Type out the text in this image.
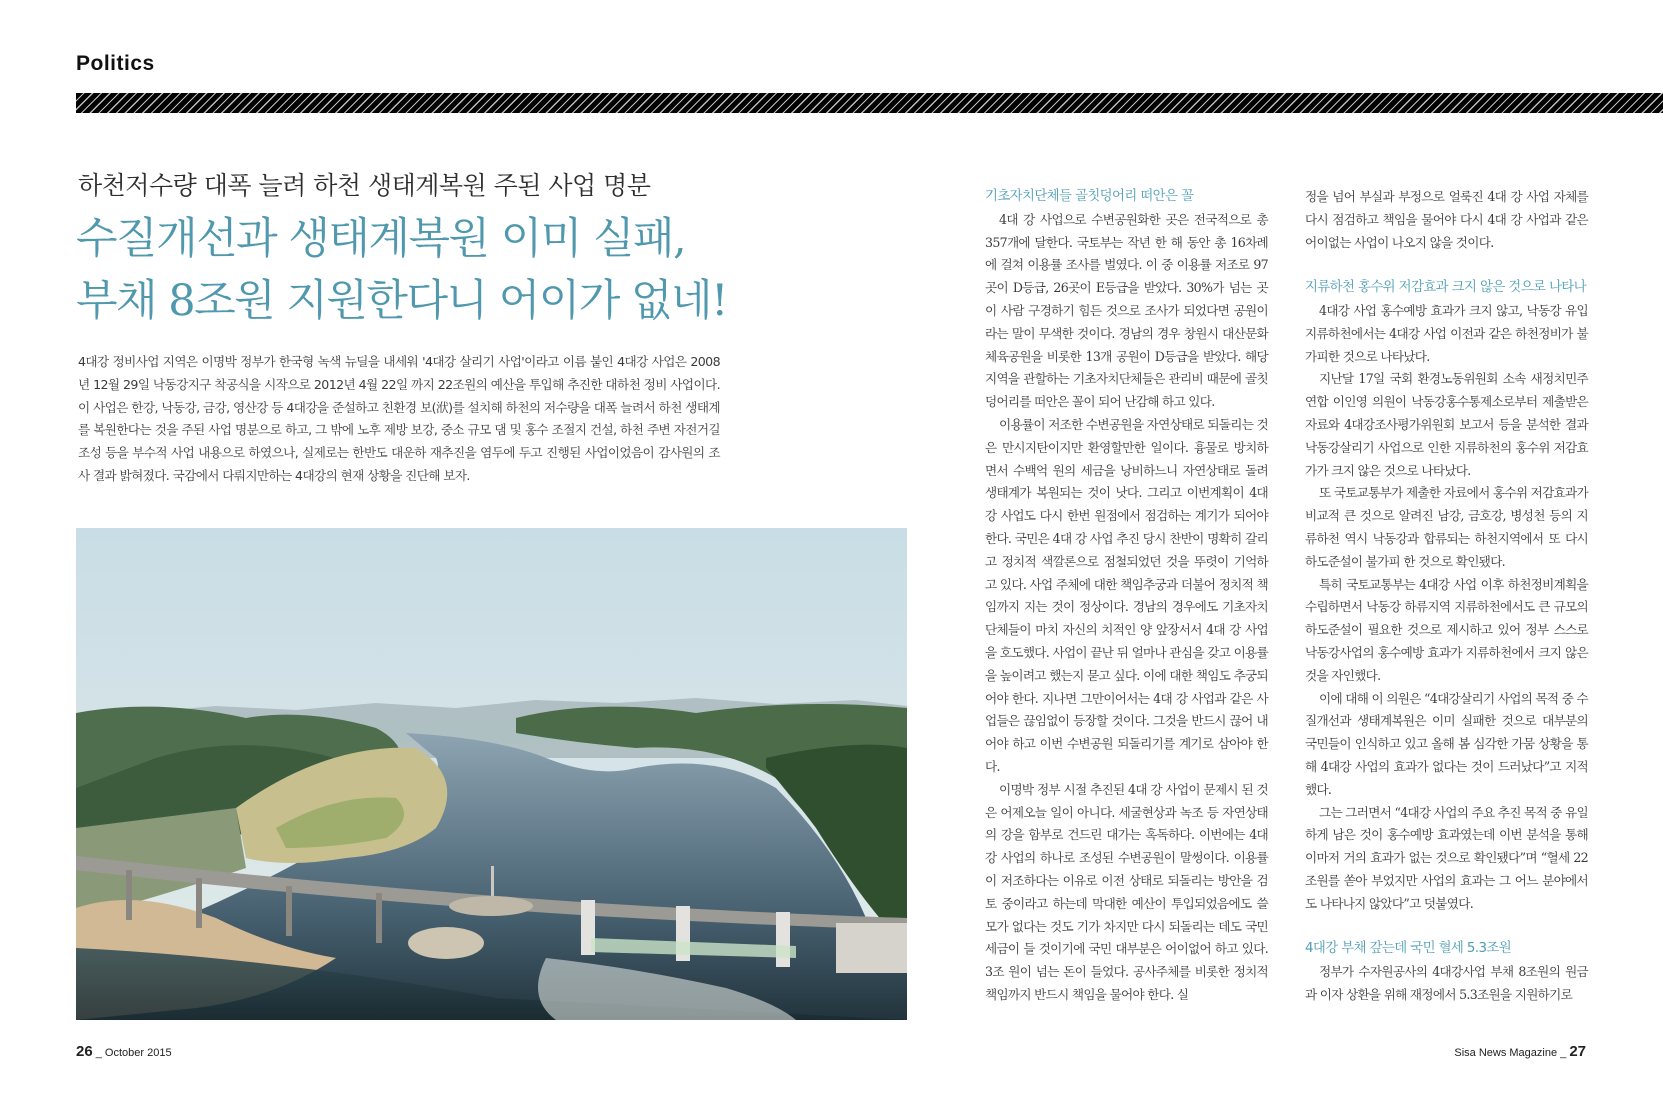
Politics
하천저수량 대폭 늘려 하천 생태계복원 주된 사업 명분
수질개선과 생태계복원 이미 실패,
부채 8조원 지원한다니 어이가 없네!
4대강 정비사업 지역은 이명박 정부가 한국형 녹색 뉴딜을 내세워 '4대강 살리기 사업'이라고 이름 붙인 4대강 사업은 2008년 12월 29일 낙동강지구 착공식을 시작으로 2012년 4월 22일 까지 22조원의 예산을 투입해 추진한 대하천 정비 사업이다. 이 사업은 한강, 낙동강, 금강, 영산강 등 4대강을 준설하고 친환경 보(洑)를 설치해 하천의 저수량을 대폭 늘려서 하천 생태계를 복원한다는 것을 주된 사업 명분으로 하고, 그 밖에 노후 제방 보강, 중소 규모 댐 및 홍수 조절지 건설, 하천 주변 자전거길 조성 등을 부수적 사업 내용으로 하였으나, 실제로는 한반도 대운하 재추진을 염두에 두고 진행된 사업이었음이 감사원의 조사 결과 밝혀졌다. 국감에서 다뤄지만하는 4대강의 현재 상황을 진단해 보자.
기초자치단체들 골칫덩어리 떠안은 꼴

4대 강 사업으로 수변공원화한 곳은 전국적으로 총 357개에 달한다. 국토부는 작년 한 해 동안 총 16차례에 걸쳐 이용률 조사를 벌였다. 이 중 이용률 저조로 97곳이 D등급, 26곳이 E등급을 받았다. 30%가 넘는 곳이 사람 구경하기 힘든 것으로 조사가 되었다면 공원이라는 말이 무색한 것이다. 경남의 경우 창원시 대산문화체육공원을 비롯한 13개 공원이 D등급을 받았다. 해당 지역을 관할하는 기초자치단체들은 관리비 때문에 골칫덩어리를 떠안은 꼴이 되어 난감해 하고 있다.

이용률이 저조한 수변공원을 자연상태로 되돌리는 것은 만시지탄이지만 환영할만한 일이다. 흉물로 방치하면서 수백억 원의 세금을 낭비하느니 자연상태로 돌려 생태계가 복원되는 것이 낫다. 그리고 이번계획이 4대 강 사업도 다시 한번 원점에서 점검하는 계기가 되어야한다. 국민은 4대 강 사업 추진 당시 찬반이 명확히 갈리고 정치적 색깔론으로 점철되었던 것을 뚜렷이 기억하고 있다. 사업 주체에 대한 책임추궁과 더불어 정치적 책임까지 지는 것이 정상이다. 경남의 경우에도 기초자치단체들이 마치 자신의 치적인 양 앞장서서 4대 강 사업을 호도했다. 사업이 끝난 뒤 얼마나 관심을 갖고 이용률을 높이려고 했는지 묻고 싶다. 이에 대한 책임도 추궁되어야 한다. 지나면 그만이어서는 4대 강 사업과 같은 사업들은 끊임없이 등장할 것이다. 그것을 반드시 끊어 내어야 하고 이번 수변공원 되돌리기를 계기로 삼아야 한다.

이명박 정부 시절 추진된 4대 강 사업이 문제시 된 것은 어제오늘 일이 아니다. 세굴현상과 녹조 등 자연상태의 강을 함부로 건드린 대가는 혹독하다. 이번에는 4대 강 사업의 하나로 조성된 수변공원이 말썽이다. 이용률이 저조하다는 이유로 이전 상태로 되돌리는 방안을 검토 중이라고 하는데 막대한 예산이 투입되었음에도 쓸모가 없다는 것도 기가 차지만 다시 되돌리는 데도 국민 세금이 들 것이기에 국민 대부분은 어이없어 하고 있다. 3조 원이 넘는 돈이 들었다. 공사주체를 비롯한 정치적 책임까지 반드시 책임을 물어야 한다. 실

정을 넘어 부실과 부정으로 얼룩진 4대 강 사업 자체를 다시 점검하고 책임을 물어야 다시 4대 강 사업과 같은 어이없는 사업이 나오지 않을 것이다.

지류하천 홍수위 저감효과 크지 않은 것으로 나타나

4대강 사업 홍수예방 효과가 크지 않고, 낙동강 유입 지류하천에서는 4대강 사업 이전과 같은 하천정비가 불가피한 것으로 나타났다.

지난달 17일 국회 환경노동위원회 소속 새정치민주연합 이인영 의원이 낙동강홍수통제소로부터 제출받은 자료와 4대강조사평가위원회 보고서 등을 분석한 결과 낙동강살리기 사업으로 인한 지류하천의 홍수위 저감효가가 크지 않은 것으로 나타났다.

또 국토교통부가 제출한 자료에서 홍수위 저감효과가 비교적 큰 것으로 알려진 남강, 금호강, 병성천 등의 지류하천 역시 낙동강과 합류되는 하천지역에서 또 다시 하도준설이 불가피 한 것으로 확인됐다.

특히 국토교통부는 4대강 사업 이후 하천정비계획을 수립하면서 낙동강 하류지역 지류하천에서도 큰 규모의 하도준설이 필요한 것으로 제시하고 있어 정부 스스로 낙동강사업의 홍수예방 효과가 지류하천에서 크지 않은 것을 자인했다.

이에 대해 이 의원은 “4대강살리기 사업의 목적 중 수질개선과 생태계복원은 이미 실패한 것으로 대부분의 국민들이 인식하고 있고 올해 봄 심각한 가뭄 상황을 통해 4대강 사업의 효과가 없다는 것이 드러났다”고 지적했다.

그는 그러면서 “4대강 사업의 주요 추진 목적 중 유일하게 남은 것이 홍수예방 효과였는데 이번 분석을 통해 이마저 거의 효과가 없는 것으로 확인됐다”며 “혈세 22조원를 쏟아 부었지만 사업의 효과는 그 어느 분야에서도 나타나지 않았다”고 덧붙였다.

4대강 부채 갚는데 국민 혈세 5.3조원

정부가 수자원공사의 4대강사업 부채 8조원의 원금과 이자 상환을 위해 재정에서 5.3조원을 지원하기로

26 _ October 2015	Sisa News Magazine _ 27
